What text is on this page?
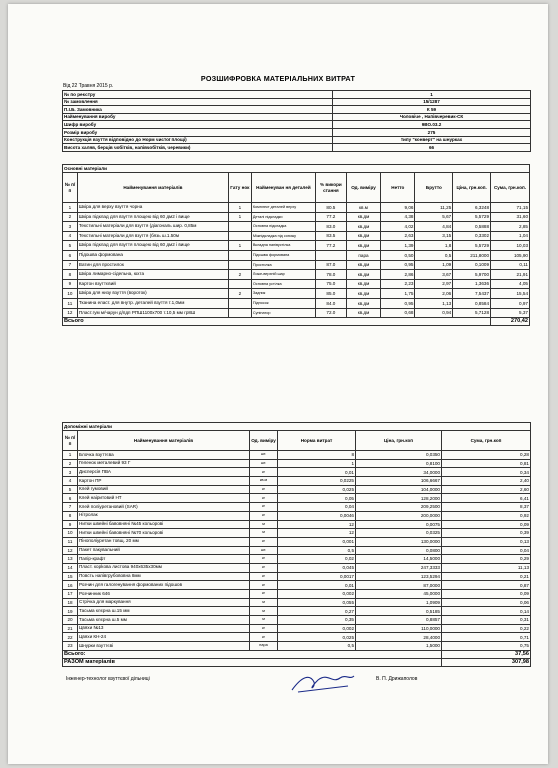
РОЗШИФРОВКА МАТЕРІАЛЬНИХ ВИТРАТ
Від 22 Травня 2015 р.
№ по реєстру	1
№ замовлення	15/1287
П.І.Б. Замовника	К 59
Найменування виробу	Чоловіче , Напівчеревик-СК
Шифр виробу	9ВО.03.2
Розмір виробу	275
Конструкція взуття відповідно до Норм чистої площі)	типу "конверт" на шнурках
Висота халяв, берців чобітків, напівчобітків, черевики)	66
Основні матеріали									
№ п/п	Найменування матеріалів	Гату нок	Найменуван ня деталей	% викори стання	Од. виміру	Нетто	Брутто	Ціна, грн.коп.	Сума, грн.коп.
1	Шкіра для верху взуття чорна	1	Комплект деталей верху	80.5	кв.м	9,06	11,25	6,3248	71,15
2	Шкіра підклад для взуття площею від 60 дм2 і вище	1	Деталі підкладки	77.2	кв.дм	4,38	5,67	5,5729	31,60
3	Текстильні матеріали для взуття (діагональ шир. 0,85м		Основна підкладка	83.0	кв.дм	4,02	4,84	0,5888	2,85
4	Текстильні матеріали для взуття (бязь ш.1.50м		Міжпідкладка під союзку	83.5	кв.дм	2,63	3,15	0,3302	1,04
5	Шкіра підклад для взуття площею від 60 дм2 і вище	1	Вкладна напівустілка	77.2	кв.дм	1,39	1,8	5,5729	10,03
6	Підошва формована		Підошва формована		пара	0,50	0,5	211,8000	105,90
7	Ватин для простилок		Простилка	87.0	кв.дм	0,95	1,09	0,1009	0,11
8	Шкіра лимарно-сідельна, юхта	2	Ложе-верхній шар	78.0	кв.дм	2,86	3,67	5,9700	21,91
9	Картон взуттєвий		Основна устілка	75.0	кв.дм	2,23	2,97	1,3636	4,05
10	Шкіра для низу взуття (вороток)	2	Задник	85.0	кв.дм	1,75	2,06	7,5437	15,54
11	Тканина еласт. для внутр. деталей взуття т.1,0мм		Підносок	84.0	кв.дм	0,95	1,13	0,8584	0,97
12	Пласт.гум м/чарун д/пдп РПШ1100х700 т.10,5 мм гр8Ш		Супінатор	72.0	кв.дм	0,68	0,94	5,7128	5,37
Всього									270,42
Допоміжні матеріали					
№ п/п	Найменування матеріалів	Од. виміру	Норма витрат	Ціна, грн.коп	Сума, грн.коп
1	Блочка взуттєва	шт.	8	0,0350	0,28
2	Геленок металевий 93 Г	шт.	1	0,8100	0,81
3	Дисперсія ПВА	кг	0,01	34,0000	0,34
4	Картон ПР	кв.м	0,0225	106,6667	2,40
5	Клей гумовий	кг	0,025	104,0000	2,60
6	Клей наіритовий НТ	кг	0,05	128,2000	6,41
7	Клей поліуретановий (SAR)	кг	0,04	209,2500	8,37
8	Нітролак	кг	0,0046	200,0000	0,92
9	Нитки швейні бавовняні №45 кольорові	м	12	0,0075	0,09
10	Нитки швейні бавовняні №70 кольорові	м	12	0,0325	0,39
11	Пінополіуретан товщ. 20 мм	кг	0,001	130,0000	0,13
12	Пакет пакувальний	шт.	0,5	0,0800	0,04
13	Папір-крафт	кг	0,02	14,5000	0,29
14	Пласт. корkова листова 940х635х30мм	кг	0,045	247,3333	11,13
15	Повсть напівгрубововна 8мм	кг	0,0017	123,5294	0,21
16	Розчин для галогенування формованих підошов	кг	0,01	87,0000	0,87
17	Розчинник 646	кг	0,002	45,0000	0,09
18	Стрічка для маркування	м	0,055	1,0909	0,06
19	Тасьма клєрна ш.15 мм	м	0,27	0,5185	0,14
20	Тасьма клєрна ш.5 мм	м	0,35	0,8857	0,31
21	Цвяхи №13	кг	0,002	110,0000	0,22
22	Цвяхи КН-24	кг	0,025	28,4000	0,71
23	Шнурки взуттєві	пара	0,5	1,5000	0,75
Всього:					37,56
РАЗОМ матеріалів					307,98
Інженер-технолог взуттєвої дільниці	В. П. Дрижаполов
